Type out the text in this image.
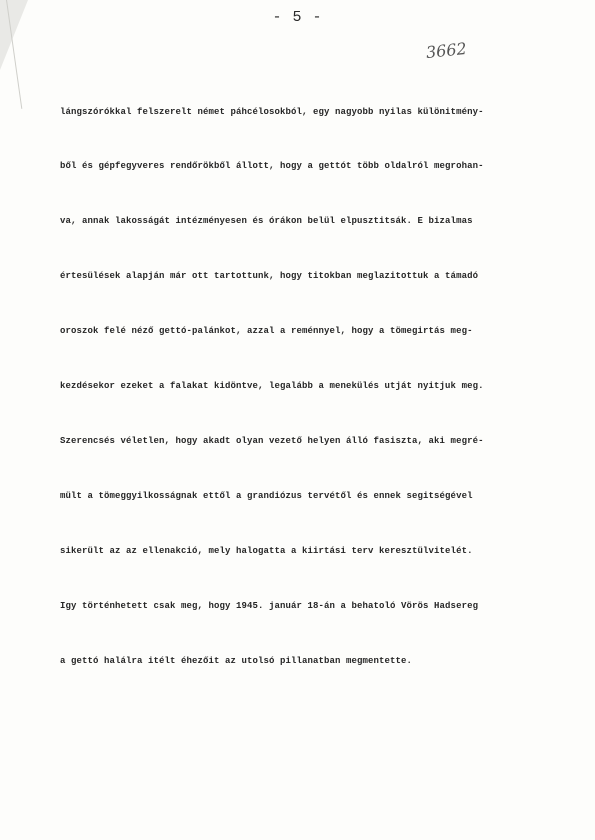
- 5 -
3662

lángszórókkal felszerelt német páhcélosokból, egy nagyobb nyilas különitmény-

ből és gépfegyveres rendőrökből állott, hogy a gettót több oldalról megrohan-

va, annak lakosságát intézményesen és órákon belül elpusztitsák. E bizalmas

értesülések alapján már ott tartottunk, hogy titokban meglazitottuk a támadó

oroszok felé néző gettó-palánkot, azzal a reménnyel, hogy a tömegirtás meg-

kezdésekor ezeket a falakat kidöntve, legalább a menekülés utját nyitjuk meg.

Szerencsés véletlen, hogy akadt olyan vezető helyen álló fasiszta, aki megré-

mült a tömeggyilkosságnak ettől a grandiózus tervétől és ennek segitségével

sikerült az az ellenakció, mely halogatta a kiirtási terv keresztülvitelét.

Igy történhetett csak meg, hogy 1945. január 18-án a behatoló Vörös Hadsereg

a gettó halálra itélt éhezőit az utolsó pillanatban megmentette.
